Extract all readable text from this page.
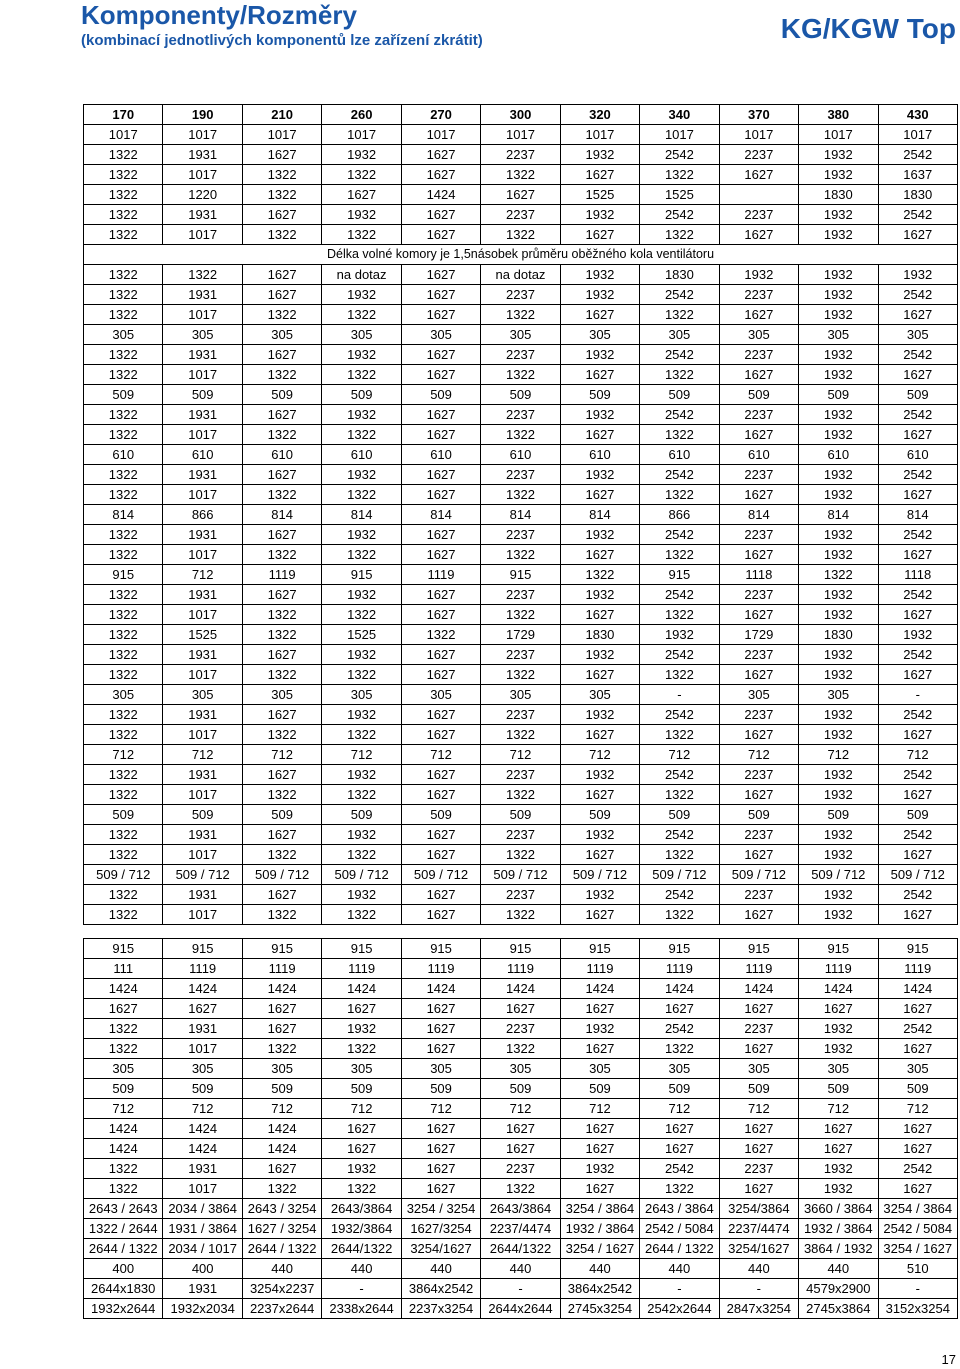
Komponenty/Rozměry
(kombinací jednotlivých komponentů lze zařízení zkrátit)	KG/KGW Top
170	190	210	260	270	300	320	340	370	380	430
1017	1017	1017	1017	1017	1017	1017	1017	1017	1017	1017
1322	1931	1627	1932	1627	2237	1932	2542	2237	1932	2542
1322	1017	1322	1322	1627	1322	1627	1322	1627	1932	1637
1322	1220	1322	1627	1424	1627	1525	1525		1830	1830
1322	1931	1627	1932	1627	2237	1932	2542	2237	1932	2542
1322	1017	1322	1322	1627	1322	1627	1322	1627	1932	1627
Délka volné komory je 1,5násobek průměru oběžného kola ventilátoru										
1322	1322	1627	na dotaz	1627	na dotaz	1932	1830	1932	1932	1932
1322	1931	1627	1932	1627	2237	1932	2542	2237	1932	2542
1322	1017	1322	1322	1627	1322	1627	1322	1627	1932	1627
305	305	305	305	305	305	305	305	305	305	305
1322	1931	1627	1932	1627	2237	1932	2542	2237	1932	2542
1322	1017	1322	1322	1627	1322	1627	1322	1627	1932	1627
509	509	509	509	509	509	509	509	509	509	509
1322	1931	1627	1932	1627	2237	1932	2542	2237	1932	2542
1322	1017	1322	1322	1627	1322	1627	1322	1627	1932	1627
610	610	610	610	610	610	610	610	610	610	610
1322	1931	1627	1932	1627	2237	1932	2542	2237	1932	2542
1322	1017	1322	1322	1627	1322	1627	1322	1627	1932	1627
814	866	814	814	814	814	814	866	814	814	814
1322	1931	1627	1932	1627	2237	1932	2542	2237	1932	2542
1322	1017	1322	1322	1627	1322	1627	1322	1627	1932	1627
915	712	1119	915	1119	915	1322	915	1118	1322	1118
1322	1931	1627	1932	1627	2237	1932	2542	2237	1932	2542
1322	1017	1322	1322	1627	1322	1627	1322	1627	1932	1627
1322	1525	1322	1525	1322	1729	1830	1932	1729	1830	1932
1322	1931	1627	1932	1627	2237	1932	2542	2237	1932	2542
1322	1017	1322	1322	1627	1322	1627	1322	1627	1932	1627
305	305	305	305	305	305	305	-	305	305	-
1322	1931	1627	1932	1627	2237	1932	2542	2237	1932	2542
1322	1017	1322	1322	1627	1322	1627	1322	1627	1932	1627
712	712	712	712	712	712	712	712	712	712	712
1322	1931	1627	1932	1627	2237	1932	2542	2237	1932	2542
1322	1017	1322	1322	1627	1322	1627	1322	1627	1932	1627
509	509	509	509	509	509	509	509	509	509	509
1322	1931	1627	1932	1627	2237	1932	2542	2237	1932	2542
1322	1017	1322	1322	1627	1322	1627	1322	1627	1932	1627
509 / 712	509 / 712	509 / 712	509 / 712	509 / 712	509 / 712	509 / 712	509 / 712	509 / 712	509 / 712	509 / 712
1322	1931	1627	1932	1627	2237	1932	2542	2237	1932	2542
1322	1017	1322	1322	1627	1322	1627	1322	1627	1932	1627
915	915	915	915	915	915	915	915	915	915	915
111	1119	1119	1119	1119	1119	1119	1119	1119	1119	1119
1424	1424	1424	1424	1424	1424	1424	1424	1424	1424	1424
1627	1627	1627	1627	1627	1627	1627	1627	1627	1627	1627
1322	1931	1627	1932	1627	2237	1932	2542	2237	1932	2542
1322	1017	1322	1322	1627	1322	1627	1322	1627	1932	1627
305	305	305	305	305	305	305	305	305	305	305
509	509	509	509	509	509	509	509	509	509	509
712	712	712	712	712	712	712	712	712	712	712
1424	1424	1424	1627	1627	1627	1627	1627	1627	1627	1627
1424	1424	1424	1627	1627	1627	1627	1627	1627	1627	1627
1322	1931	1627	1932	1627	2237	1932	2542	2237	1932	2542
1322	1017	1322	1322	1627	1322	1627	1322	1627	1932	1627
2643 / 2643	2034 / 3864	2643 / 3254	2643/3864	3254 / 3254	2643/3864	3254 / 3864	2643 / 3864	3254/3864	3660 / 3864	3254 / 3864
1322 / 2644	1931 / 3864	1627 / 3254	1932/3864	1627/3254	2237/4474	1932 / 3864	2542 / 5084	2237/4474	1932 / 3864	2542 / 5084
2644 / 1322	2034 / 1017	2644 / 1322	2644/1322	3254/1627	2644/1322	3254 / 1627	2644 / 1322	3254/1627	3864 / 1932	3254 / 1627
400	400	440	440	440	440	440	440	440	440	510
2644x1830	1931	3254x2237	-	3864x2542	-	3864x2542	-	-	4579x2900	-
1932x2644	1932x2034	2237x2644	2338x2644	2237x3254	2644x2644	2745x3254	2542x2644	2847x3254	2745x3864	3152x3254
17
